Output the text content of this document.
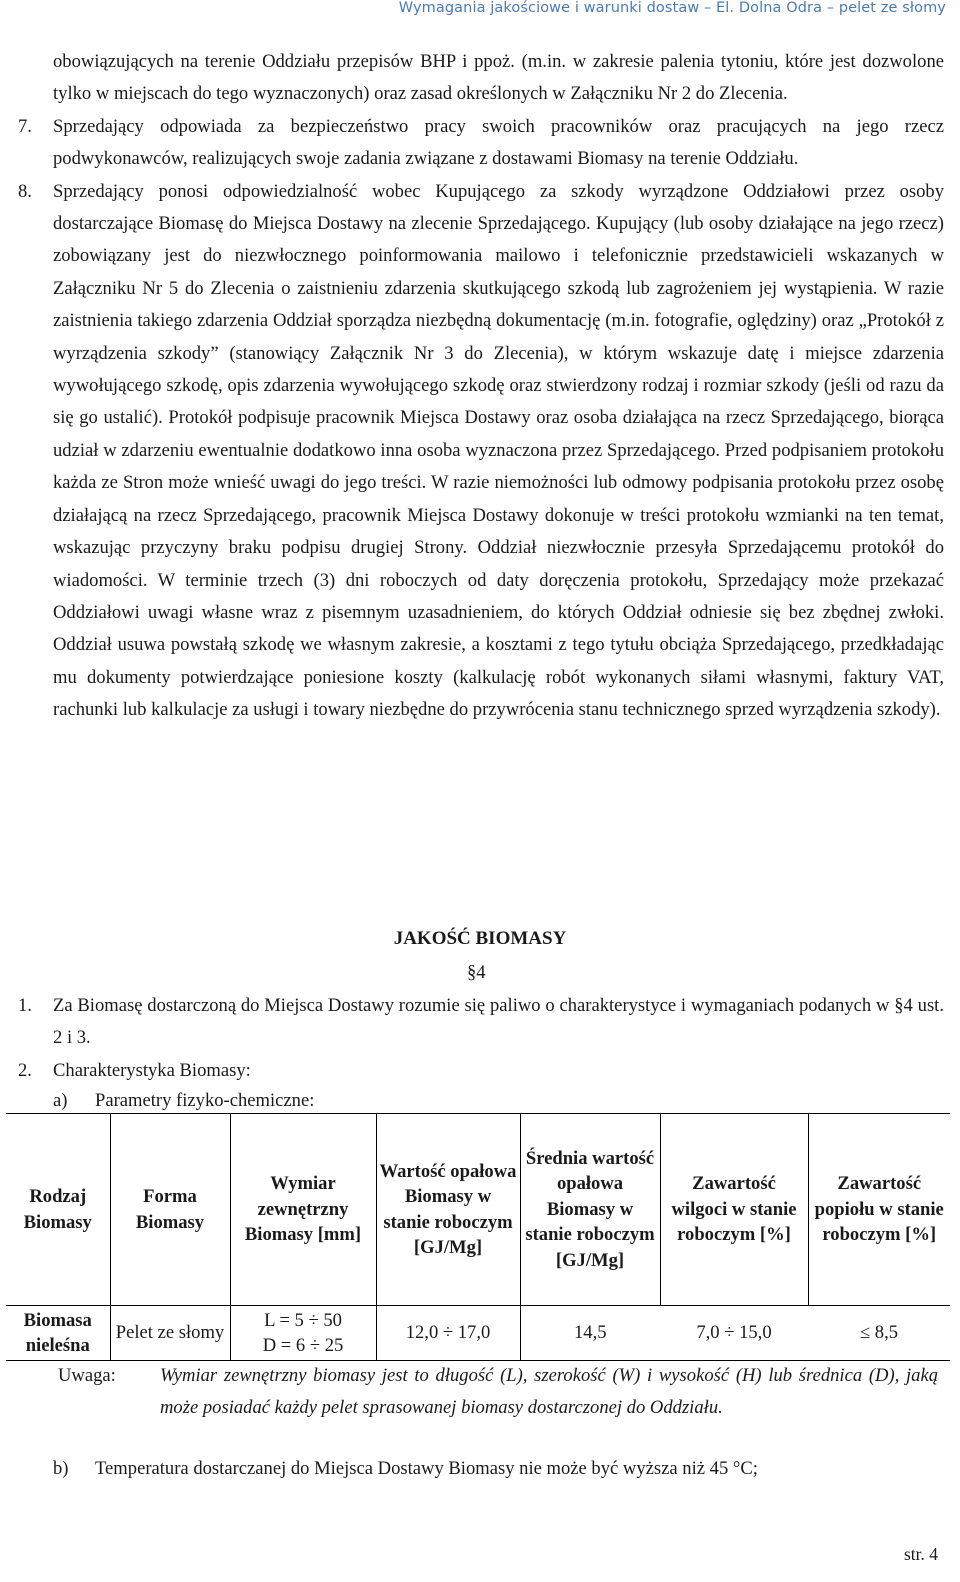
Wymagania jakościowe i warunki dostaw – El. Dolna Odra – pelet ze słomy

obowiązujących na terenie Oddziału przepisów BHP i ppoż. (m.in. w zakresie palenia tytoniu, które jest dozwolone tylko w miejscach do tego wyznaczonych) oraz zasad określonych w Załączniku Nr 2 do Zlecenia.

7. Sprzedający odpowiada za bezpieczeństwo pracy swoich pracowników oraz pracujących na jego rzecz podwykonawców, realizujących swoje zadania związane z dostawami Biomasy na terenie Oddziału.

8. Sprzedający ponosi odpowiedzialność wobec Kupującego za szkody wyrządzone Oddziałowi przez osoby dostarczające Biomasę do Miejsca Dostawy na zlecenie Sprzedającego. Kupujący (lub osoby działające na jego rzecz) zobowiązany jest do niezwłocznego poinformowania mailowo i telefonicznie przedstawicieli wskazanych w Załączniku Nr 5 do Zlecenia o zaistnieniu zdarzenia skutkującego szkodą lub zagrożeniem jej wystąpienia. W razie zaistnienia takiego zdarzenia Oddział sporządza niezbędną dokumentację (m.in. fotografie, oględziny) oraz „Protokół z wyrządzenia szkody” (stanowiący Załącznik Nr 3 do Zlecenia), w którym wskazuje datę i miejsce zdarzenia wywołującego szkodę, opis zdarzenia wywołującego szkodę oraz stwierdzony rodzaj i rozmiar szkody (jeśli od razu da się go ustalić). Protokół podpisuje pracownik Miejsca Dostawy oraz osoba działająca na rzecz Sprzedającego, biorąca udział w zdarzeniu ewentualnie dodatkowo inna osoba wyznaczona przez Sprzedającego. Przed podpisaniem protokołu każda ze Stron może wnieść uwagi do jego treści. W razie niemożności lub odmowy podpisania protokołu przez osobę działającą na rzecz Sprzedającego, pracownik Miejsca Dostawy dokonuje w treści protokołu wzmianki na ten temat, wskazując przyczyny braku podpisu drugiej Strony. Oddział niezwłocznie przesyła Sprzedającemu protokół do wiadomości. W terminie trzech (3) dni roboczych od daty doręczenia protokołu, Sprzedający może przekazać Oddziałowi uwagi własne wraz z pisemnym uzasadnieniem, do których Oddział odniesie się bez zbędnej zwłoki. Oddział usuwa powstałą szkodę we własnym zakresie, a kosztami z tego tytułu obciąża Sprzedającego, przedkładając mu dokumenty potwierdzające poniesione koszty (kalkulację robót wykonanych siłami własnymi, faktury VAT, rachunki lub kalkulacje za usługi i towary niezbędne do przywrócenia stanu technicznego sprzed wyrządzenia szkody).

JAKOŚĆ BIOMASY
§4

1. Za Biomasę dostarczoną do Miejsca Dostawy rozumie się paliwo o charakterystyce i wymaganiach podanych w §4 ust. 2 i 3.

2. Charakterystyka Biomasy:

a) Parametry fizyko-chemiczne:
Rodzaj Biomasy	Forma Biomasy	Wymiar zewnętrzny Biomasy [mm]	Wartość opałowa Biomasy w stanie roboczym [GJ/Mg]	Średnia wartość opałowa Biomasy w stanie roboczym [GJ/Mg]	Zawartość wilgoci w stanie roboczym [%]	Zawartość popiołu w stanie roboczym [%]
Biomasa nieleśna	Pelet ze słomy	L = 5 ÷ 50
D = 6 ÷ 25	12,0 ÷ 17,0	14,5	7,0 ÷ 15,0	≤ 8,5
Uwaga: Wymiar zewnętrzny biomasy jest to długość (L), szerokość (W) i wysokość (H) lub średnica (D), jaką może posiadać każdy pelet sprasowanej biomasy dostarczonej do Oddziału.
b) Temperatura dostarczanej do Miejsca Dostawy Biomasy nie może być wyższa niż 45 °C;
str. 4
